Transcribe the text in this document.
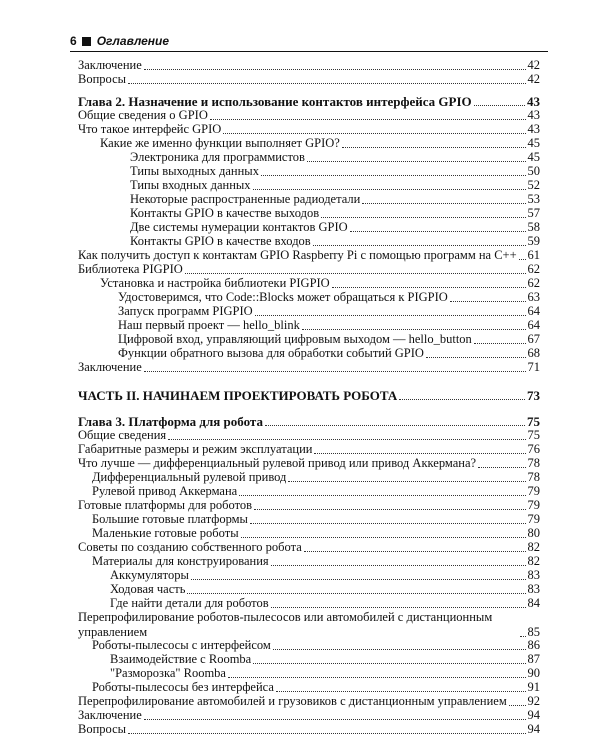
6 Оглавление
Заключение	42
Вопросы	42
Глава 2. Назначение и использование контактов интерфейса GPIO	43
Общие сведения о GPIO	43
Что такое интерфейс GPIO	43
Какие же именно функции выполняет GPIO?	45
Электроника для программистов	45
Типы выходных данных	50
Типы входных данных	52
Некоторые распространенные радиодетали	53
Контакты GPIO в качестве выходов	57
Две системы нумерации контактов GPIO	58
Контакты GPIO в качестве входов	59
Как получить доступ к контактам GPIO Raspberry Pi с помощью программ на С++ 61
Библиотека PIGPIO	62
Установка и настройка библиотеки PIGPIO	62
Удостоверимся, что Code::Blocks может обращаться к PIGPIO	63
Запуск программ PIGPIO	64
Наш первый проект — hello_blink	64
Цифровой вход, управляющий цифровым выходом — hello_button	67
Функции обратного вызова для обработки событий GPIO	68
Заключение	71
ЧАСТЬ II. НАЧИНАЕМ ПРОЕКТИРОВАТЬ РОБОТА	73
Глава 3. Платформа для робота	75
Общие сведения	75
Габаритные размеры и режим эксплуатации	76
Что лучше — дифференциальный рулевой привод или привод Аккермана?	78
Дифференциальный рулевой привод	78
Рулевой привод Аккермана	79
Готовые платформы для роботов	79
Большие готовые платформы	79
Маленькие готовые роботы	80
Советы по созданию собственного робота	82
Материалы для конструирования	82
Аккумуляторы	83
Ходовая часть	83
Где найти детали для роботов	84
Перепрофилирование роботов-пылесосов или автомобилей с дистанционным управлением	85
Роботы-пылесосы с интерфейсом	86
Взаимодействие с Roomba	87
"Разморозка" Roomba	90
Роботы-пылесосы без интерфейса	91
Перепрофилирование автомобилей и грузовиков с дистанционным управлением 92
Заключение	94
Вопросы	94
